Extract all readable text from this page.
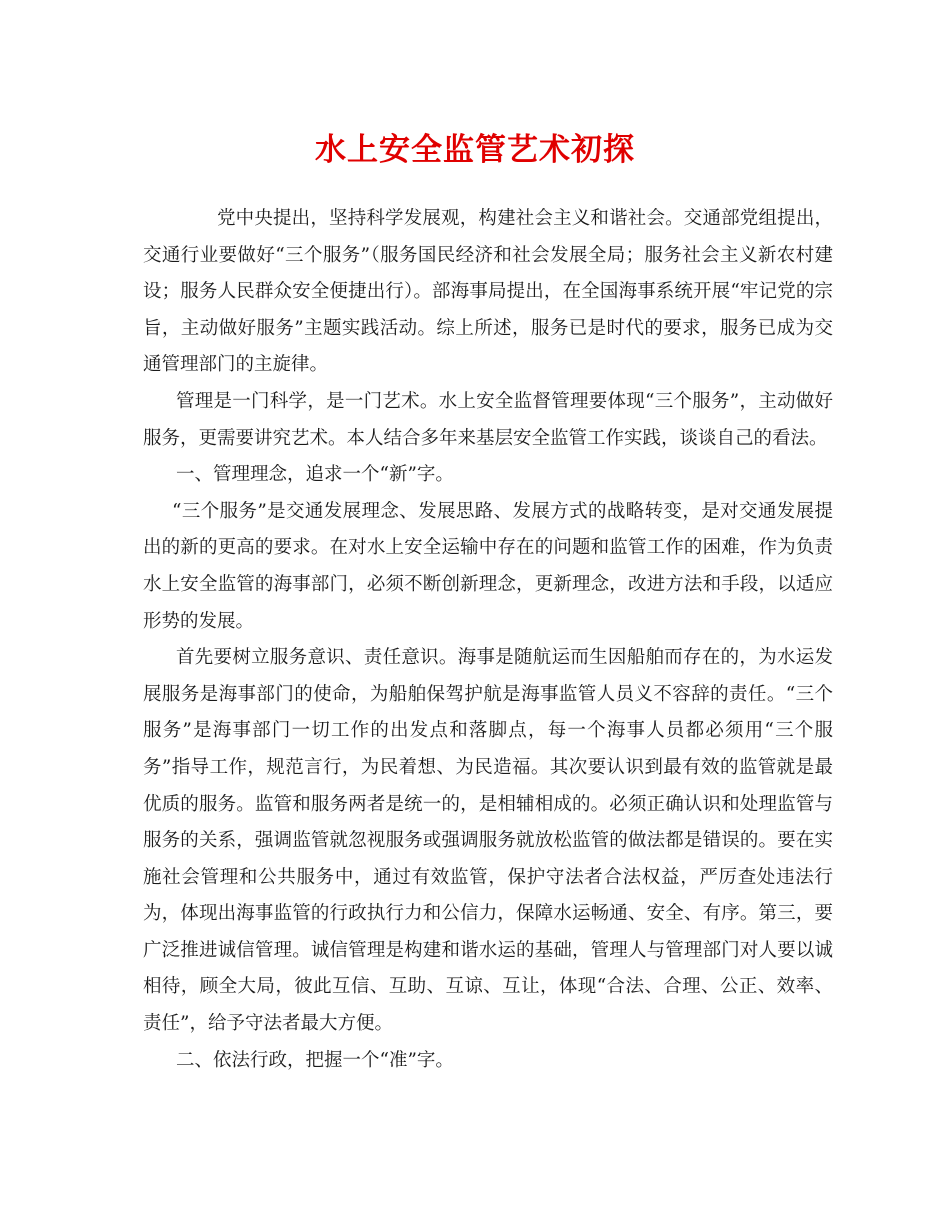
水上安全监管艺术初探

党中央提出，坚持科学发展观，构建社会主义和谐社会。交通部党组提出，交通行业要做好“三个服务”（服务国民经济和社会发展全局；服务社会主义新农村建设；服务人民群众安全便捷出行）。部海事局提出，在全国海事系统开展“牢记党的宗旨，主动做好服务”主题实践活动。综上所述，服务已是时代的要求，服务已成为交通管理部门的主旋律。

管理是一门科学，是一门艺术。水上安全监督管理要体现“三个服务”，主动做好服务，更需要讲究艺术。本人结合多年来基层安全监管工作实践，谈谈自己的看法。

一、管理理念，追求一个“新”字。

“三个服务”是交通发展理念、发展思路、发展方式的战略转变，是对交通发展提出的新的更高的要求。在对水上安全运输中存在的问题和监管工作的困难，作为负责水上安全监管的海事部门，必须不断创新理念，更新理念，改进方法和手段，以适应形势的发展。

首先要树立服务意识、责任意识。海事是随航运而生因船舶而存在的，为水运发展服务是海事部门的使命，为船舶保驾护航是海事监管人员义不容辞的责任。“三个服务”是海事部门一切工作的出发点和落脚点，每一个海事人员都必须用“三个服务”指导工作，规范言行，为民着想、为民造福。其次要认识到最有效的监管就是最优质的服务。监管和服务两者是统一的，是相辅相成的。必须正确认识和处理监管与服务的关系，强调监管就忽视服务或强调服务就放松监管的做法都是错误的。要在实施社会管理和公共服务中，通过有效监管，保护守法者合法权益，严厉查处违法行为，体现出海事监管的行政执行力和公信力，保障水运畅通、安全、有序。第三，要广泛推进诚信管理。诚信管理是构建和谐水运的基础，管理人与管理部门对人要以诚相待，顾全大局，彼此互信、互助、互谅、互让，体现“合法、合理、公正、效率、责任”，给予守法者最大方便。

二、依法行政，把握一个“准”字。
